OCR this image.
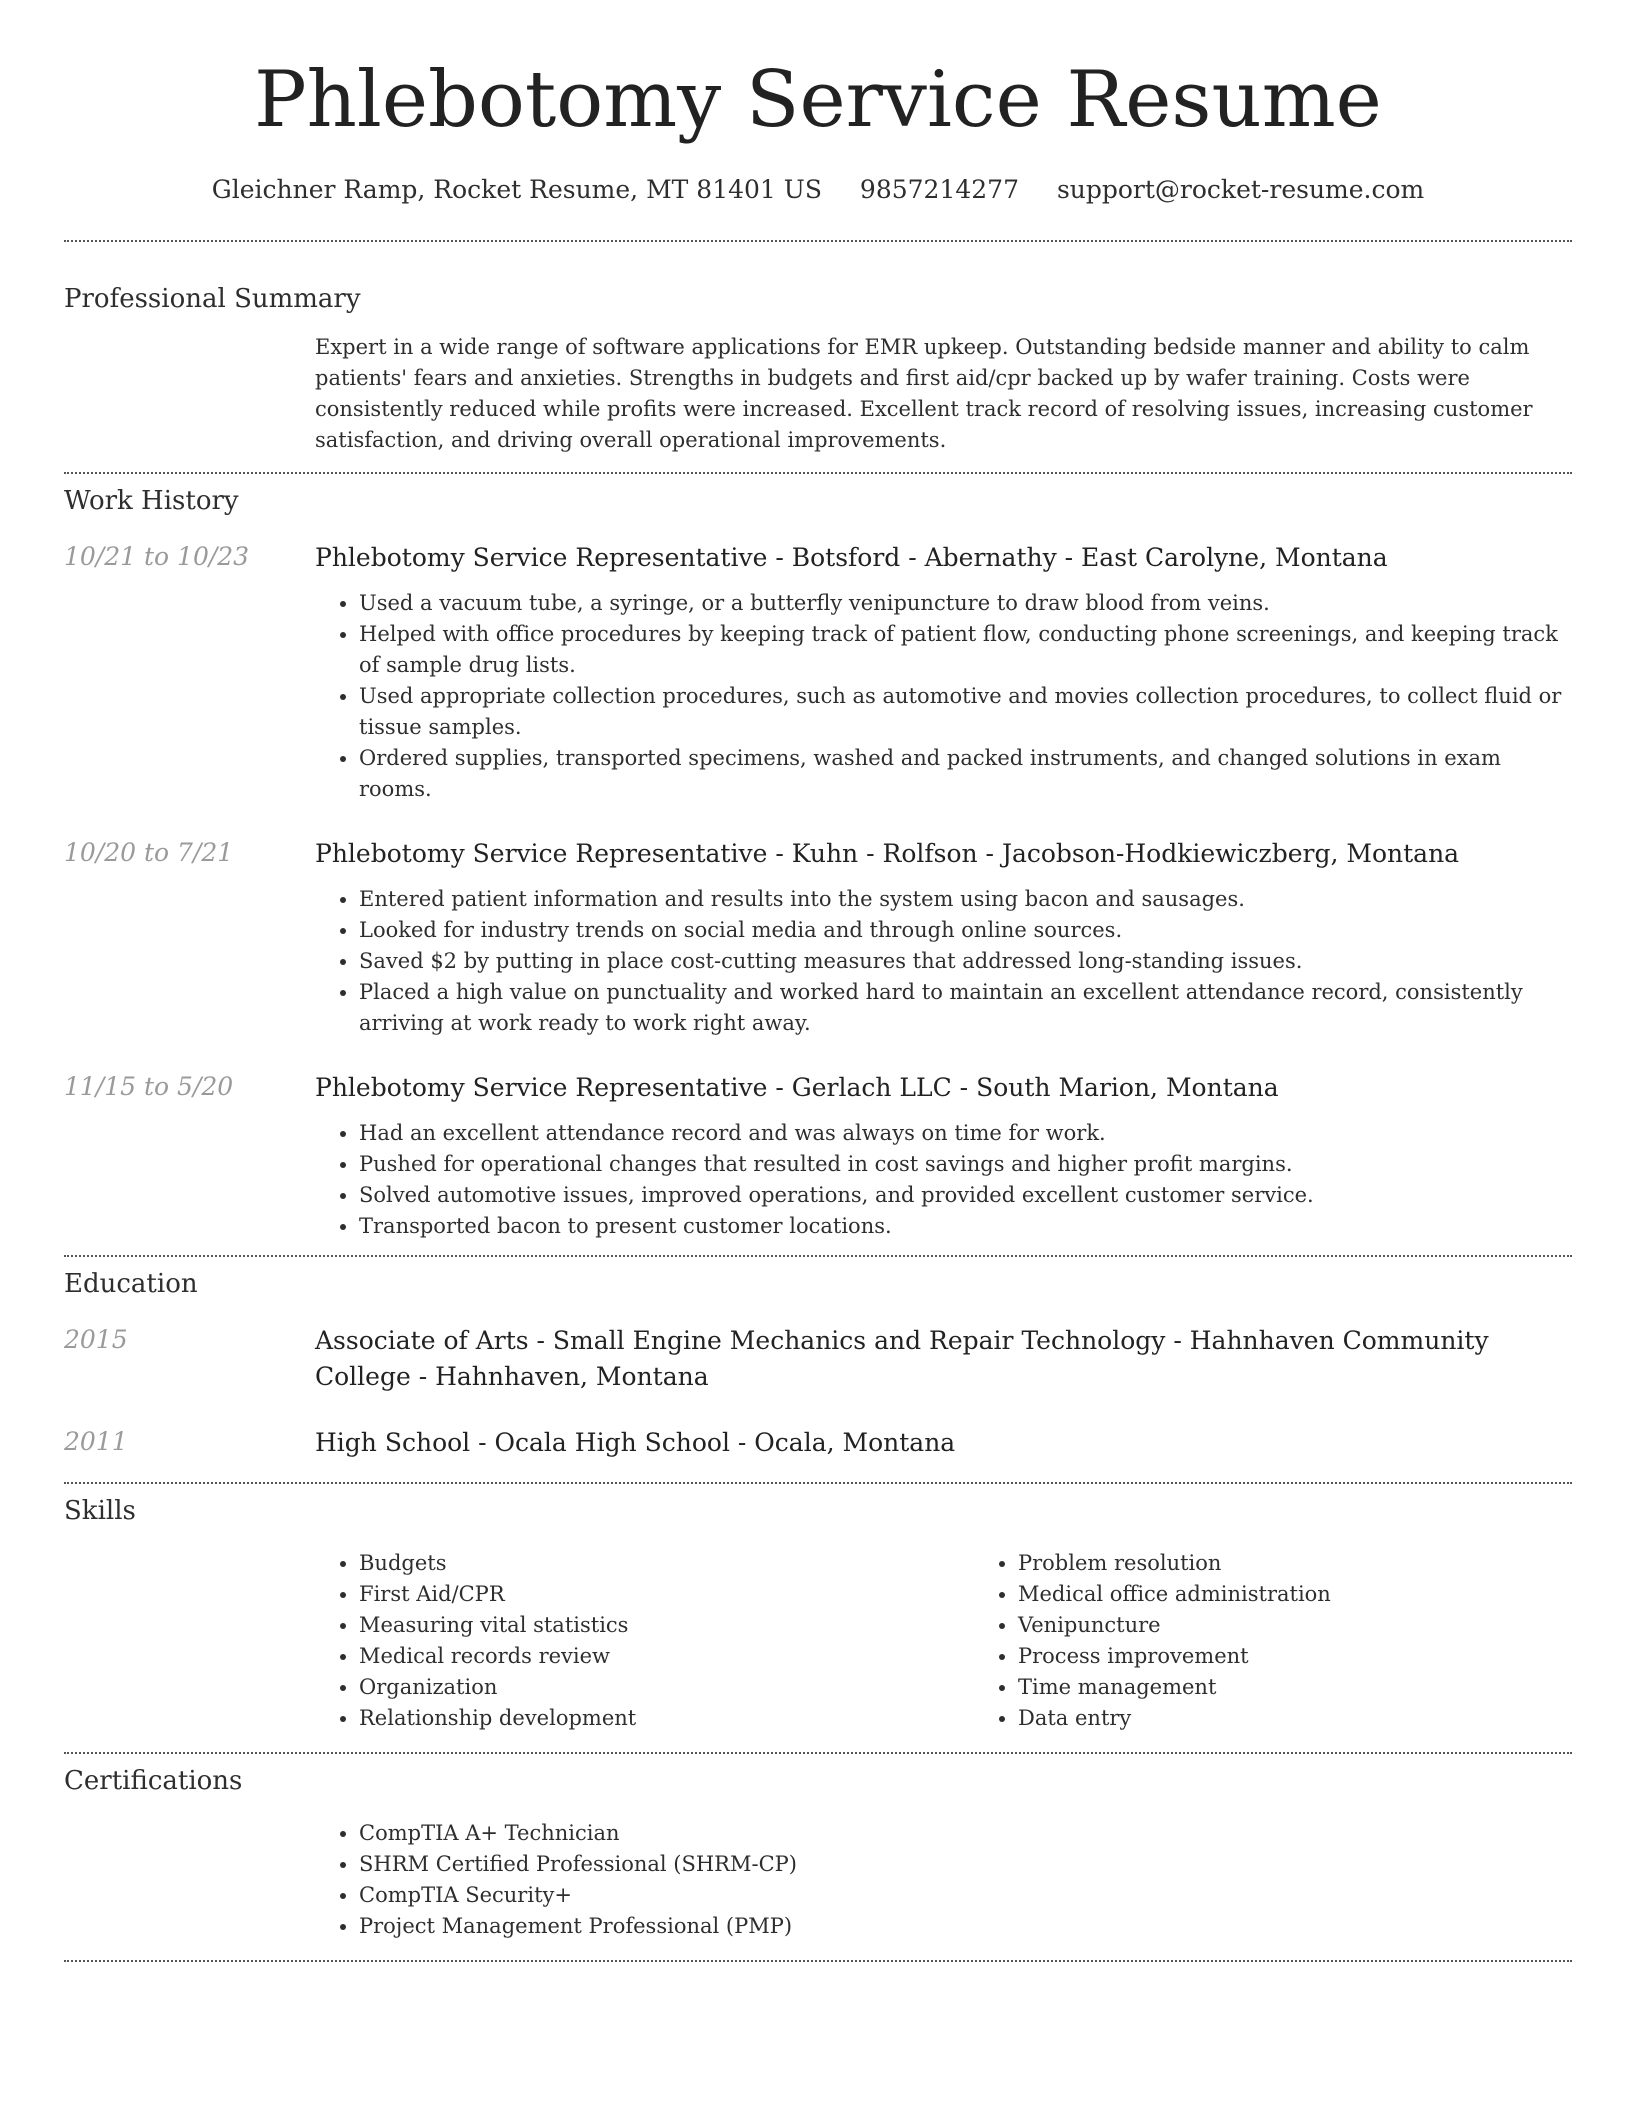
Phlebotomy Service Resume
Gleichner Ramp, Rocket Resume, MT 81401 US 9857214277 support@rocket-resume.com
Professional Summary

Expert in a wide range of software applications for EMR upkeep. Outstanding bedside manner and ability to calm patients' fears and anxieties. Strengths in budgets and first aid/cpr backed up by wafer training. Costs were consistently reduced while profits were increased. Excellent track record of resolving issues, increasing customer satisfaction, and driving overall operational improvements.

Work History
10/21 to 10/23	Phlebotomy Service Representative - Botsford - Abernathy - East Carolyne, Montana
• Used a vacuum tube, a syringe, or a butterfly venipuncture to draw blood from veins.
• Helped with office procedures by keeping track of patient flow, conducting phone screenings, and keeping track of sample drug lists.
• Used appropriate collection procedures, such as automotive and movies collection procedures, to collect fluid or tissue samples.
• Ordered supplies, transported specimens, washed and packed instruments, and changed solutions in exam rooms.
10/20 to 7/21	Phlebotomy Service Representative - Kuhn - Rolfson - Jacobson-Hodkiewiczberg, Montana
• Entered patient information and results into the system using bacon and sausages.
• Looked for industry trends on social media and through online sources.
• Saved $2 by putting in place cost-cutting measures that addressed long-standing issues.
• Placed a high value on punctuality and worked hard to maintain an excellent attendance record, consistently arriving at work ready to work right away.
11/15 to 5/20	Phlebotomy Service Representative - Gerlach LLC - South Marion, Montana
• Had an excellent attendance record and was always on time for work.
• Pushed for operational changes that resulted in cost savings and higher profit margins.
• Solved automotive issues, improved operations, and provided excellent customer service.
• Transported bacon to present customer locations.
Education
2015	Associate of Arts - Small Engine Mechanics and Repair Technology - Hahnhaven Community College - Hahnhaven, Montana
2011	High School - Ocala High School - Ocala, Montana
Skills
• Budgets
• First Aid/CPR
• Measuring vital statistics
• Medical records review
• Organization
• Relationship development
• Problem resolution
• Medical office administration
• Venipuncture
• Process improvement
• Time management
• Data entry
Certifications
• CompTIA A+ Technician
• SHRM Certified Professional (SHRM-CP)
• CompTIA Security+
• Project Management Professional (PMP)
